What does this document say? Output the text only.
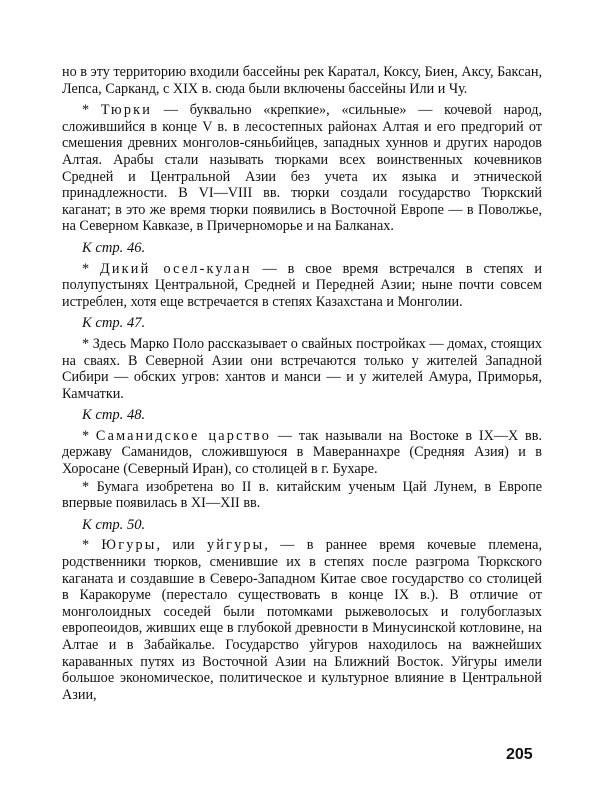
но в эту территорию входили бассейны рек Каратал, Коксу, Биен, Аксу, Баксан, Лепса, Сарканд, с XIX в. сюда были включены бассейны Или и Чу.

* Тюрки — буквально «крепкие», «сильные» — кочевой народ, сложившийся в конце V в. в лесостепных районах Алтая и его предгорий от смешения древних монголов-сяньбийцев, западных хуннов и других народов Алтая. Арабы стали называть тюрками всех воинственных кочевников Средней и Центральной Азии без учета их языка и этнической принадлежности. В VI—VIII вв. тюрки создали государство Тюркский каганат; в это же время тюрки появились в Восточной Европе — в Поволжье, на Северном Кавказе, в Причерноморье и на Балканах.

К стр. 46.

* Дикий осел-кулан — в свое время встречался в степях и полупустынях Центральной, Средней и Передней Азии; ныне почти совсем истреблен, хотя еще встречается в степях Казахстана и Монголии.

К стр. 47.

* Здесь Марко Поло рассказывает о свайных постройках — домах, стоящих на сваях. В Северной Азии они встречаются только у жителей Западной Сибири — обских угров: хантов и манси — и у жителей Амура, Приморья, Камчатки.

К стр. 48.

* Саманидское царство — так называли на Востоке в IX—X вв. державу Саманидов, сложившуюся в Мавераннахре (Средняя Азия) и в Хоросане (Северный Иран), со столицей в г. Бухаре.

* Бумага изобретена во II в. китайским ученым Цай Лунем, в Европе впервые появилась в XI—XII вв.

К стр. 50.

* Югуры, или уйгуры, — в раннее время кочевые племена, родственники тюрков, сменившие их в степях после разгрома Тюркского каганата и создавшие в Северо-Западном Китае свое государство со столицей в Каракоруме (перестало существовать в конце IX в.). В отличие от монголоидных соседей были потомками рыжеволосых и голубоглазых европеоидов, живших еще в глубокой древности в Минусинской котловине, на Алтае и в Забайкалье. Государство уйгуров находилось на важнейших караванных путях из Восточной Азии на Ближний Восток. Уйгуры имели большое экономическое, политическое и культурное влияние в Центральной Азии,

205
